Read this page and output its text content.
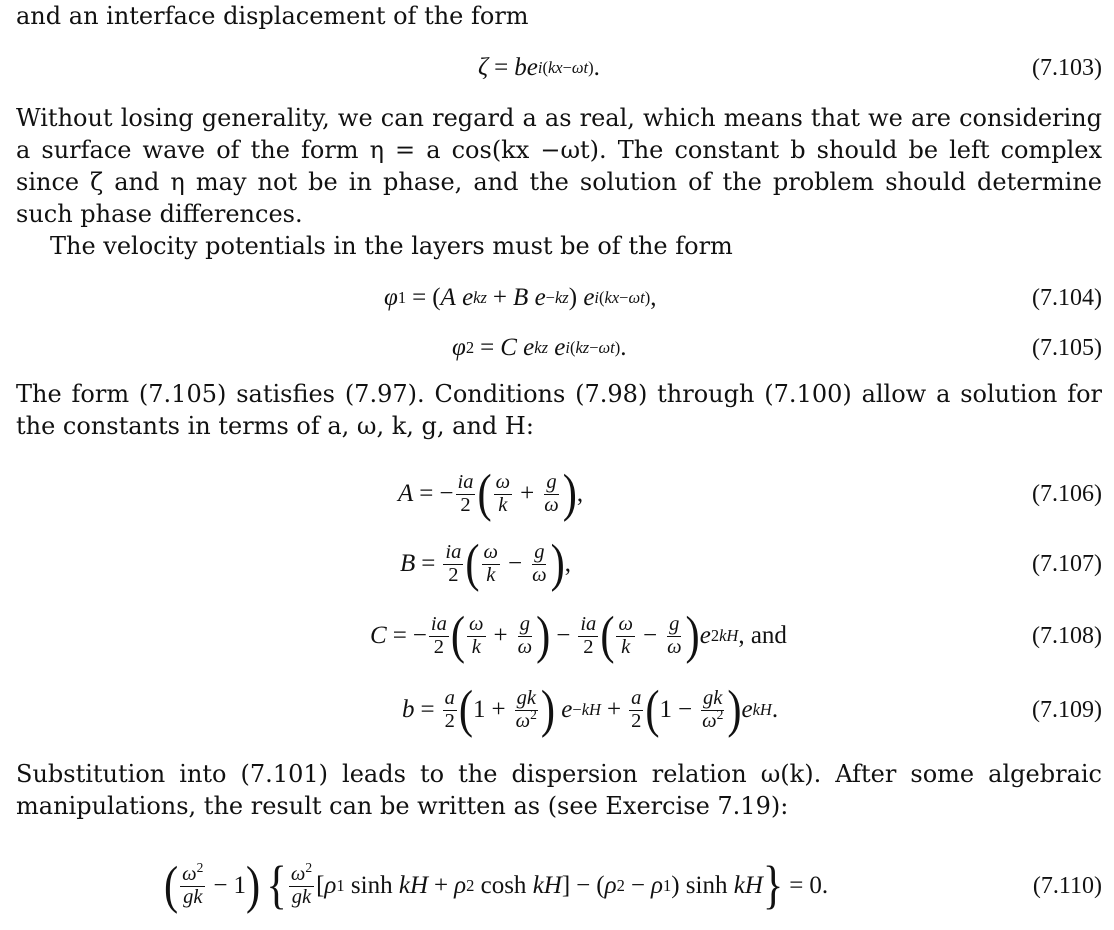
and an interface displacement of the form
ζ = b e i(kx−ωt) .	(7.103)
Without losing generality, we can regard a as real, which means that we are considering a surface wave of the form η = a cos(kx −ωt). The constant b should be left complex since ζ and η may not be in phase, and the solution of the problem should determine such phase differences.
The velocity potentials in the layers must be of the form
φ 1 = ( A
e kz + B
e −kz ) e i(kx−ωt) ,	(7.104)
φ 2 = C
e kz
e i(kz−ωt) .	(7.105)
The form (7.105) satisfies (7.97). Conditions (7.98) through (7.100) allow a solution for the constants in terms of a, ω, k, g, and H:
A = − $\frac{ia}{2}$ ( $\frac{\omega}{k} + \frac{g}{\omega}$ ) ,	(7.106)
$B = \frac{ia}{2}$ ( $\frac{\omega}{k} - \frac{g}{\omega}$ ) ,	(7.107)
C = − $\frac{ia}{2}$ ( $\frac{\omega}{k} + \frac{g}{\omega}$ ) − $\frac{ia}{2}$ ( $\frac{\omega}{k} - \frac{g}{\omega}$ ) e 2kH , and	(7.108)
$b = \frac{a}{2}$ ( $1 + \frac{gk}{\omega^2}$ )
$e -kH + \frac{a}{2}$ ( $1 - \frac{gk}{\omega^2}$ ) e kH .	(7.109)
Substitution into (7.101) leads to the dispersion relation ω(k). After some algebraic manipulations, the result can be written as (see Exercise 7.19):
( $\frac{\omega^2}{gk} - 1$ )
{ $\frac{\omega^2}{gk}$ [ ρ 1 sinh kH + ρ 2 cosh kH ] − ( ρ 2 − ρ 1 ) sinh kH } = 0.	(7.110)
